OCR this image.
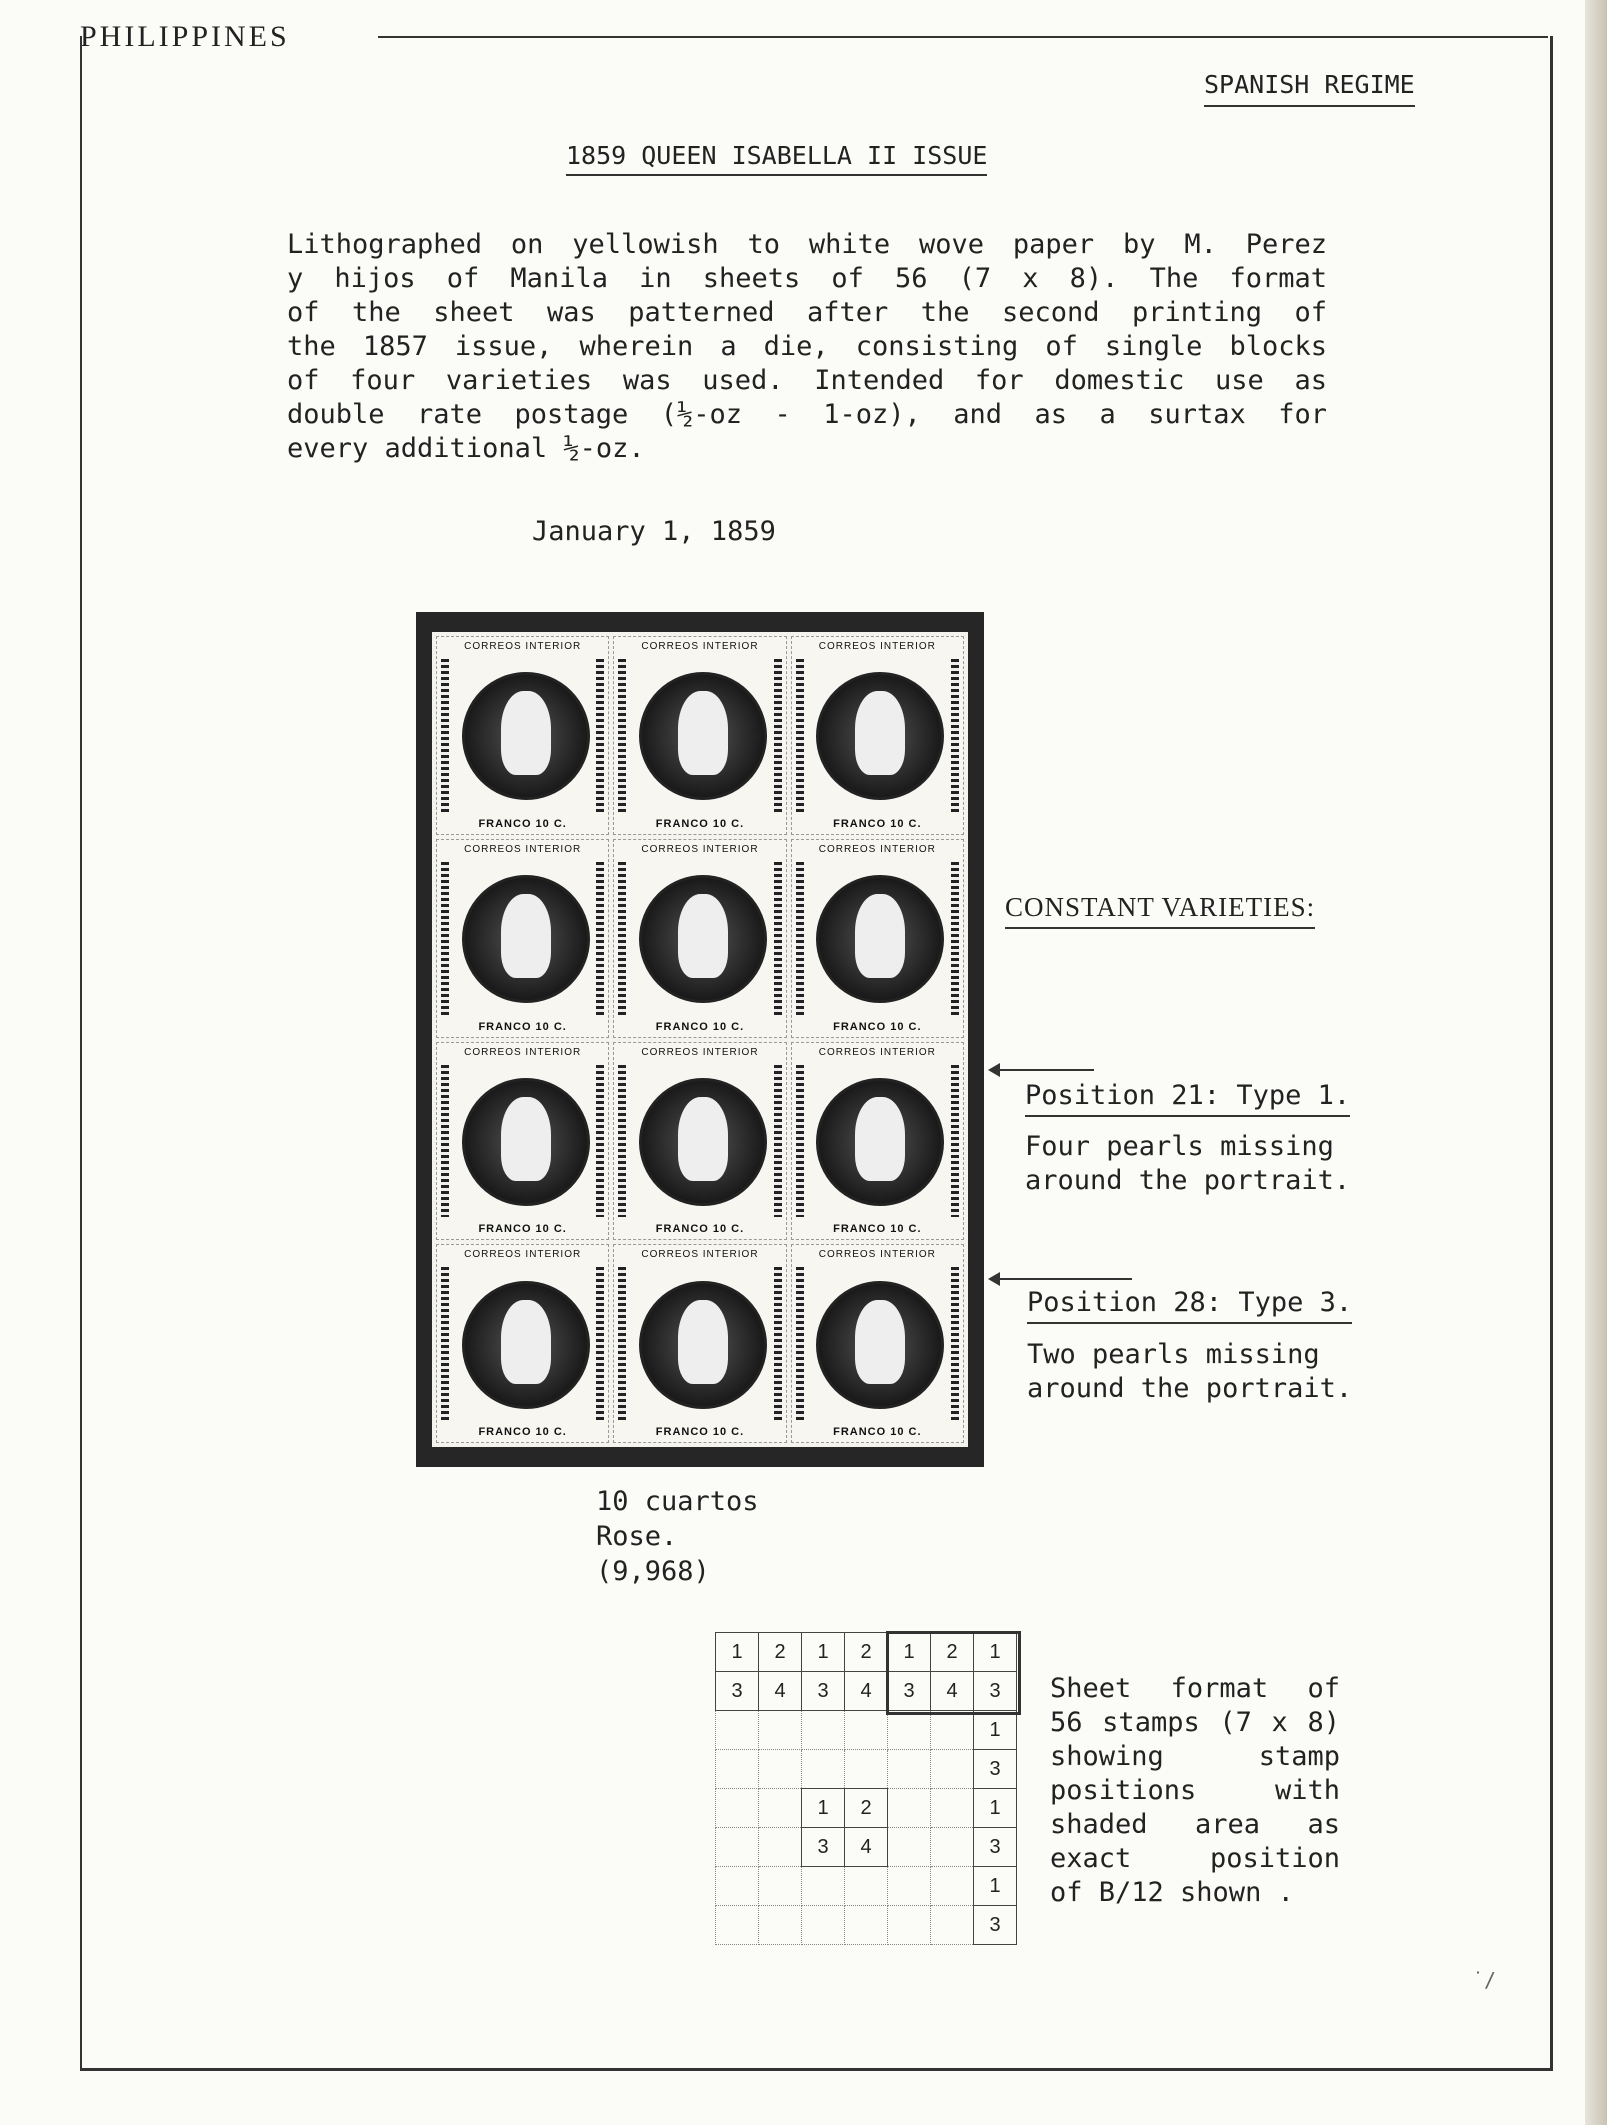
PHILIPPINES
SPANISH REGIME
1859 QUEEN ISABELLA II ISSUE
Lithographed on yellowish to white wove paper by M. Perez
y hijos of Manila in sheets of 56 (7 x 8). The format
of the sheet was patterned after the second printing of
the 1857 issue, wherein a die, consisting of single blocks
of four varieties was used. Intended for domestic use as
double rate postage (½-oz - 1-oz), and as a surtax for
every additional ½-oz.
January 1, 1859
CORREOS INTERIOR
FRANCO 10 C.
CORREOS INTERIOR
FRANCO 10 C.
CORREOS INTERIOR
FRANCO 10 C.
CORREOS INTERIOR
FRANCO 10 C.
CORREOS INTERIOR
FRANCO 10 C.
CORREOS INTERIOR
FRANCO 10 C.
CORREOS INTERIOR
FRANCO 10 C.
CORREOS INTERIOR
FRANCO 10 C.
CORREOS INTERIOR
FRANCO 10 C.
CORREOS INTERIOR
FRANCO 10 C.
CORREOS INTERIOR
FRANCO 10 C.
CORREOS INTERIOR
FRANCO 10 C.
CONSTANT VARIETIES:
Position 21: Type 1.
Four pearls missing
around the portrait.
Position 28: Type 3.
Two pearls missing
around the portrait.
10 cuartos
Rose.
(9,968)
1	2	1	2	1	2	1
3	4	3	4	3	4	3
						1
						3
		1	2			1
		3	4			3
						1
						3
Sheet format of
56 stamps (7 x 8)
showing stamp
positions with
shaded area as
exact position
of B/12 shown .
˙/
